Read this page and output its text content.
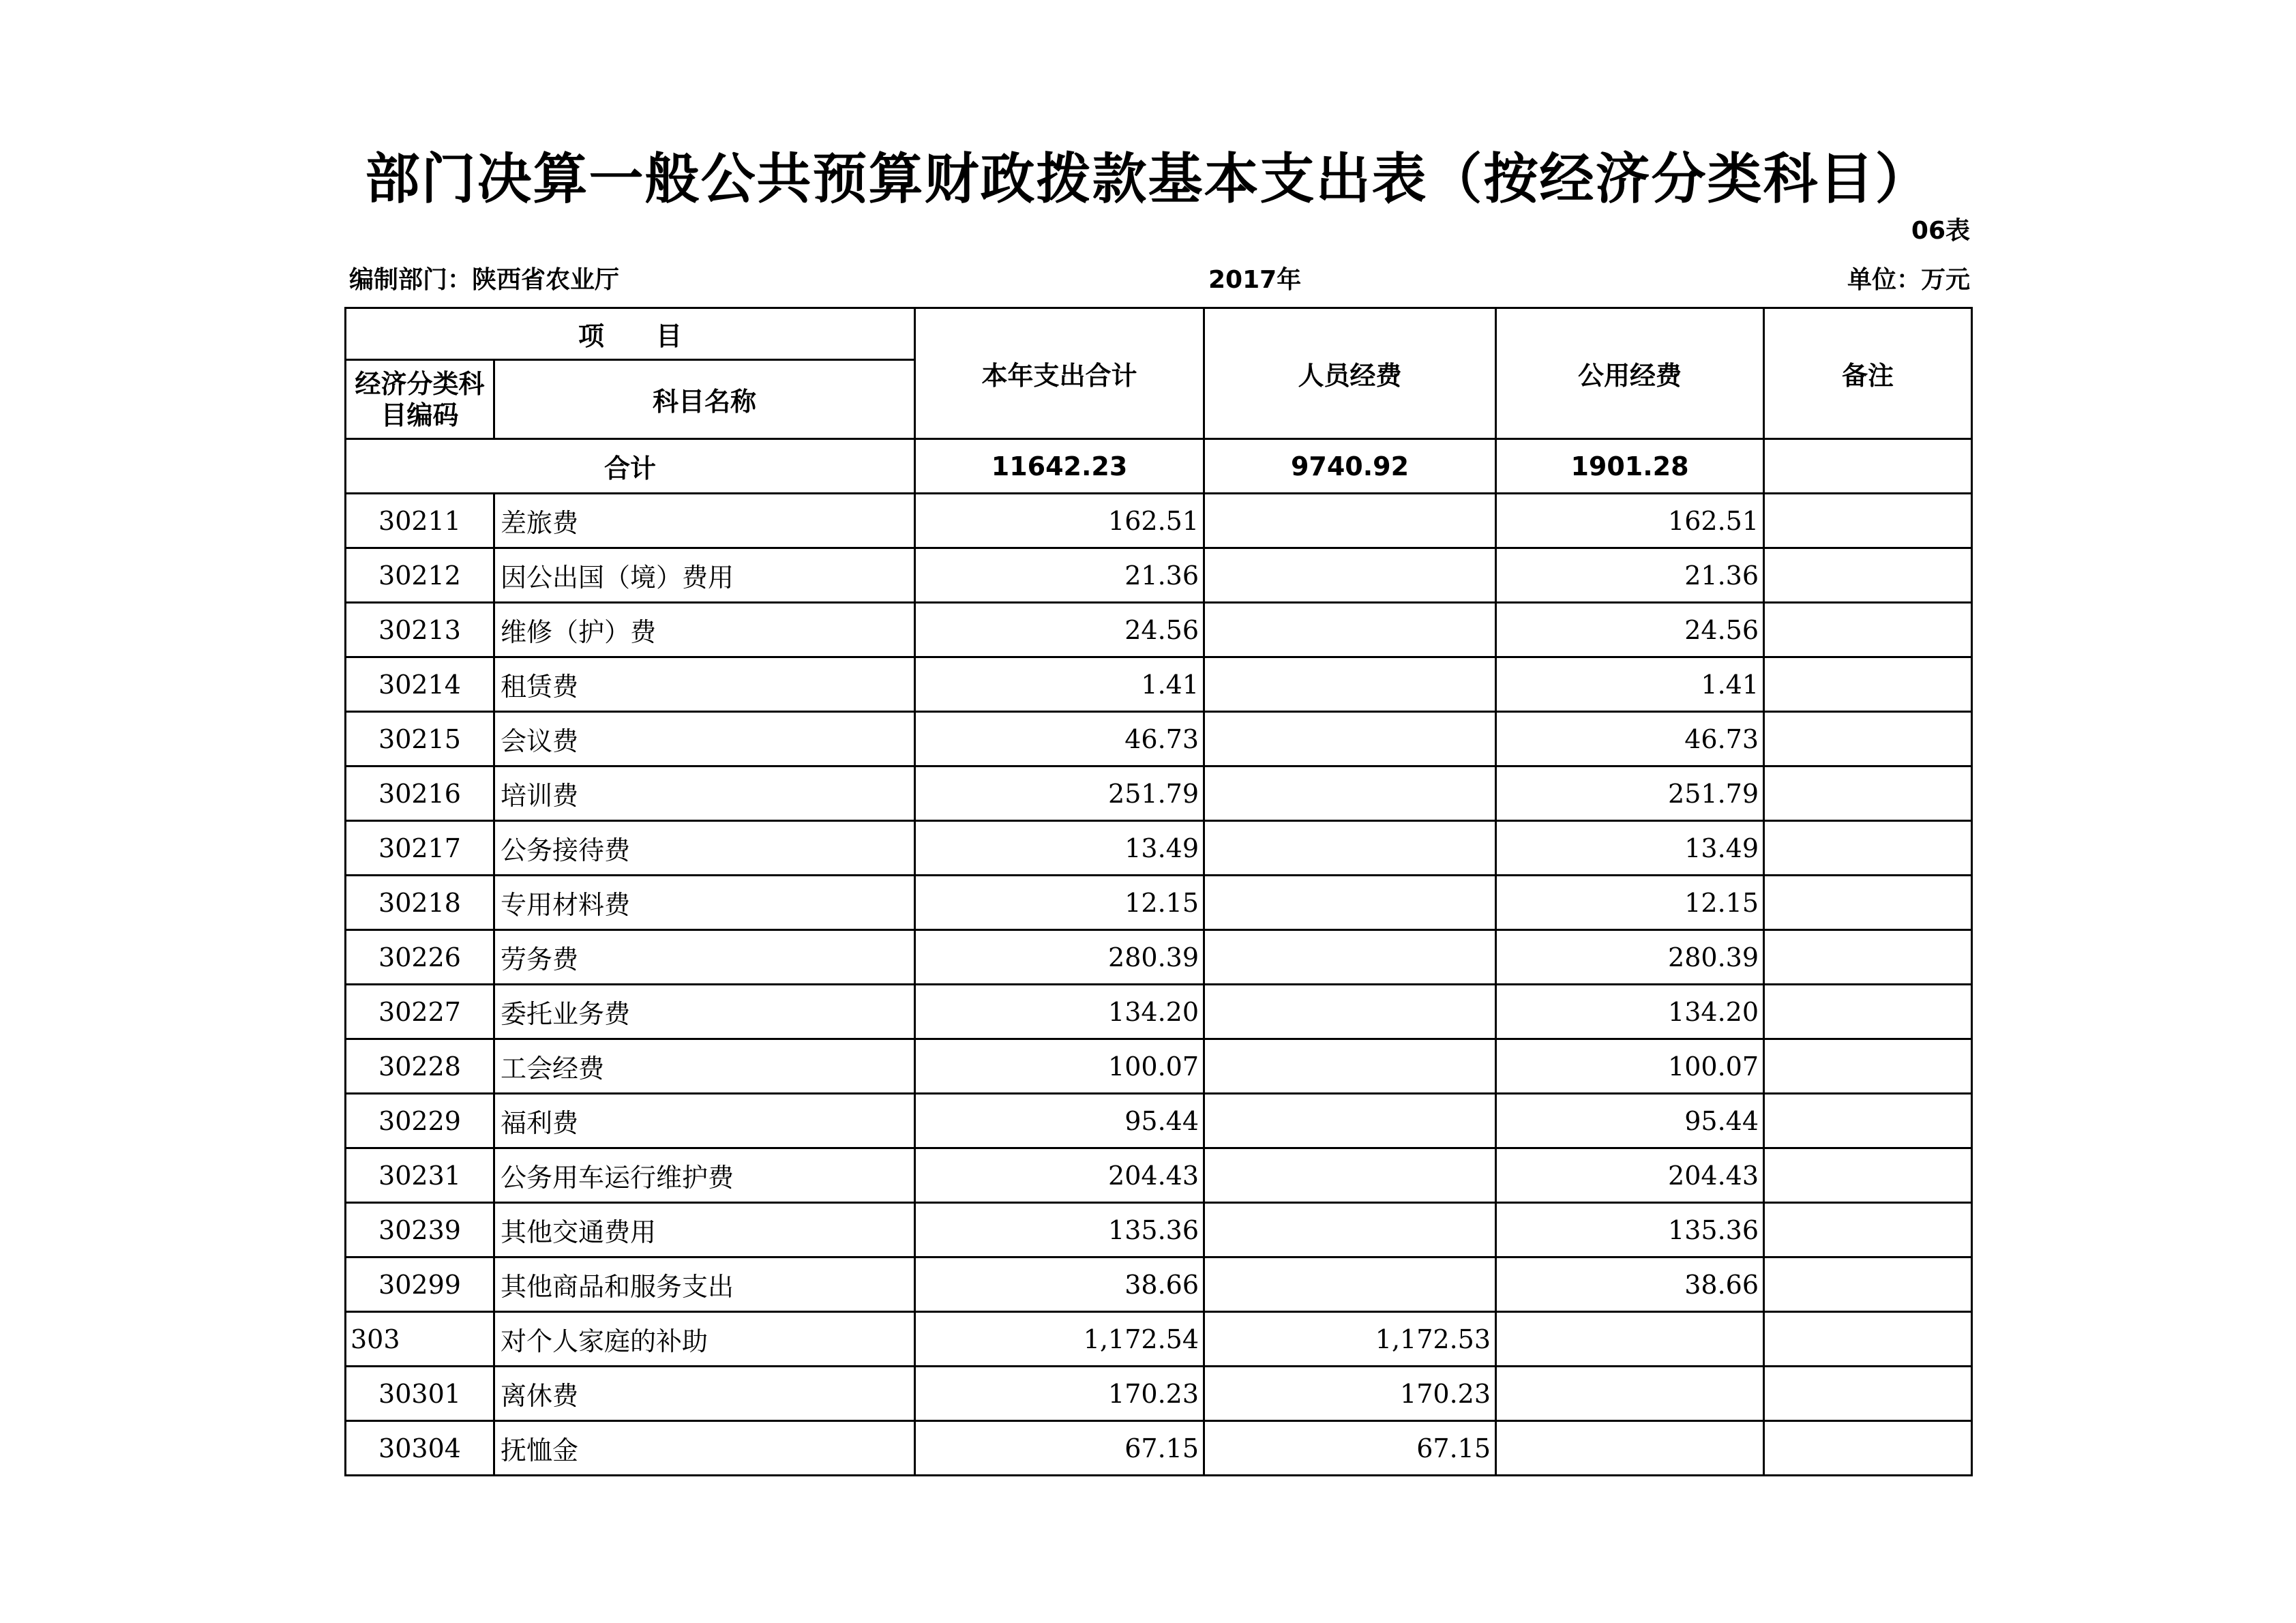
部门决算一般公共预算财政拨款基本支出表（按经济分类科目）
06表
编制部门：陕西省农业厅	2017年	单位：万元
项　　目		本年支出合计	人员经费	公用经费	备注
经济分类科目编码	科目名称				
合计		11642.23	9740.92	1901.28	
30211	差旅费	162.51		162.51	
30212	因公出国（境）费用	21.36		21.36	
30213	维修（护）费	24.56		24.56	
30214	租赁费	1.41		1.41	
30215	会议费	46.73		46.73	
30216	培训费	251.79		251.79	
30217	公务接待费	13.49		13.49	
30218	专用材料费	12.15		12.15	
30226	劳务费	280.39		280.39	
30227	委托业务费	134.20		134.20	
30228	工会经费	100.07		100.07	
30229	福利费	95.44		95.44	
30231	公务用车运行维护费	204.43		204.43	
30239	其他交通费用	135.36		135.36	
30299	其他商品和服务支出	38.66		38.66	
303	对个人家庭的补助	1,172.54	1,172.53		
30301	离休费	170.23	170.23		
30304	抚恤金	67.15	67.15		
